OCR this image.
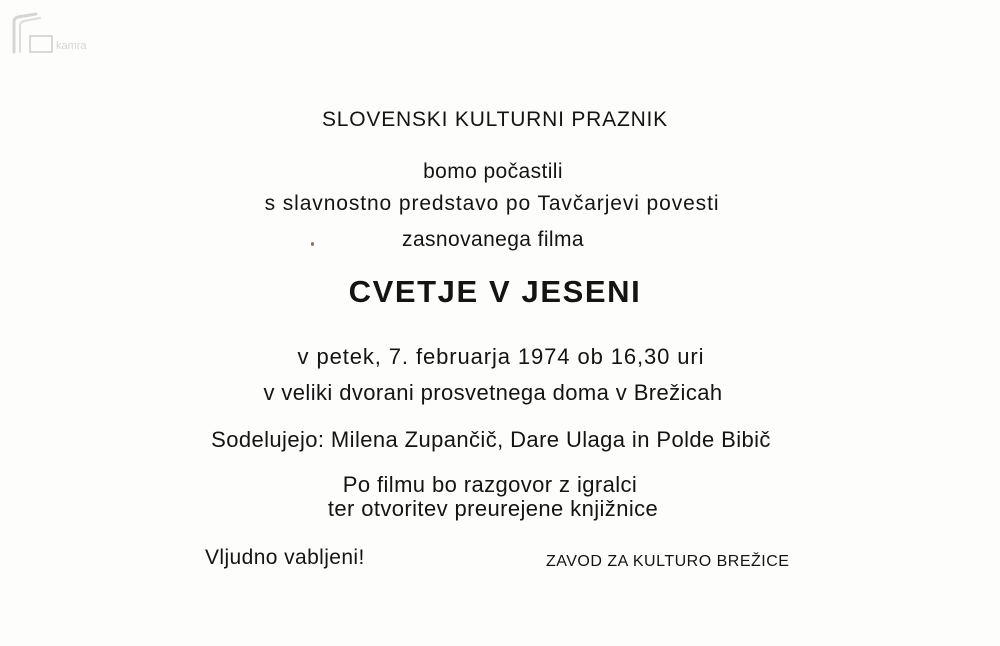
kamra
SLOVENSKI KULTURNI PRAZNIK
bomo počastili
s slavnostno predstavo po Tavčarjevi povesti
zasnovanega filma
CVETJE V JESENI
v petek, 7. februarja 1974 ob 16,30 uri
v veliki dvorani prosvetnega doma v Brežicah
Sodelujejo: Milena Zupančič, Dare Ulaga in Polde Bibič
Po filmu bo razgovor z igralci
ter otvoritev preurejene knjižnice
Vljudno vabljeni!	ZAVOD ZA KULTURO BREŽICE
